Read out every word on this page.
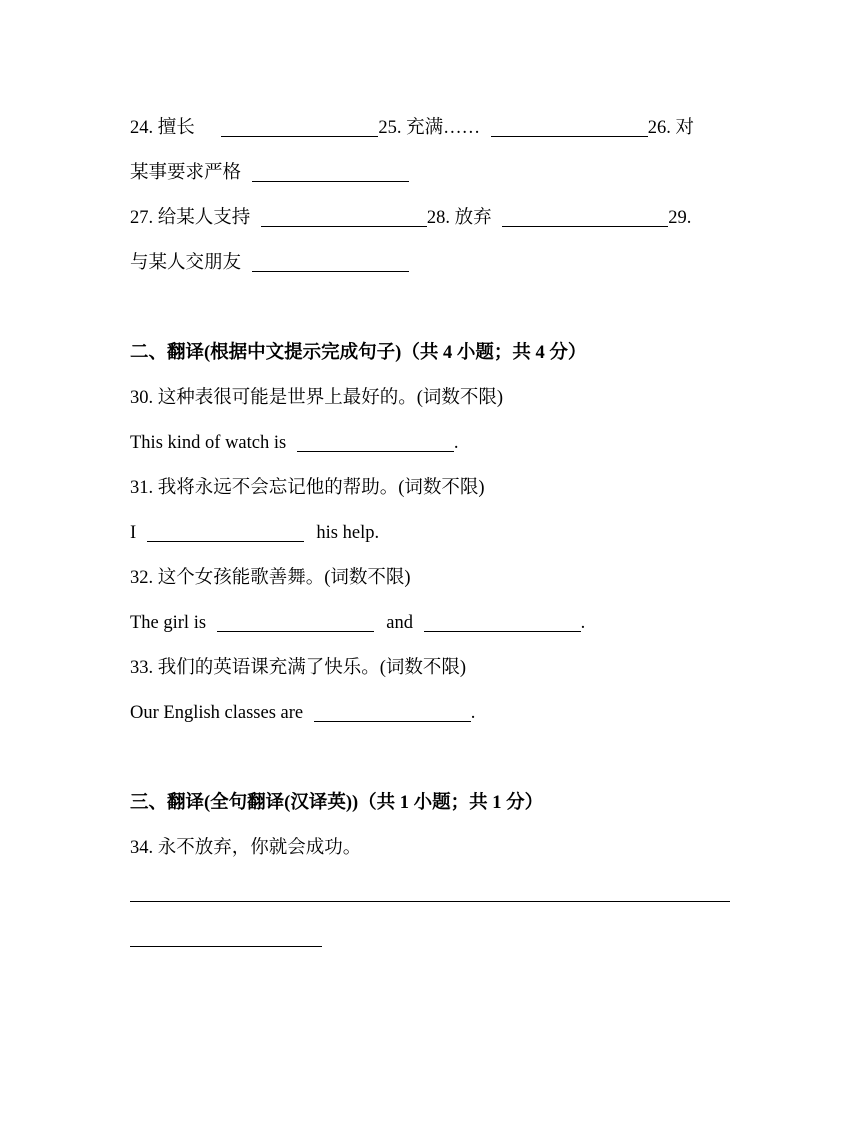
24. 擅长	25. 充满……	26. 对
某事要求严格
27. 给某人支持	28. 放弃	29.
与某人交朋友
二、翻译(根据中文提示完成句子)（共 4 小题；共 4 分）
30. 这种表很可能是世界上最好的。(词数不限)
This kind of watch is	.
31. 我将永远不会忘记他的帮助。(词数不限)
I	his help.
32. 这个女孩能歌善舞。(词数不限)
The girl is	and	.
33. 我们的英语课充满了快乐。(词数不限)
Our English classes are	.
三、翻译(全句翻译(汉译英))（共 1 小题；共 1 分）
34. 永不放弃，你就会成功。
